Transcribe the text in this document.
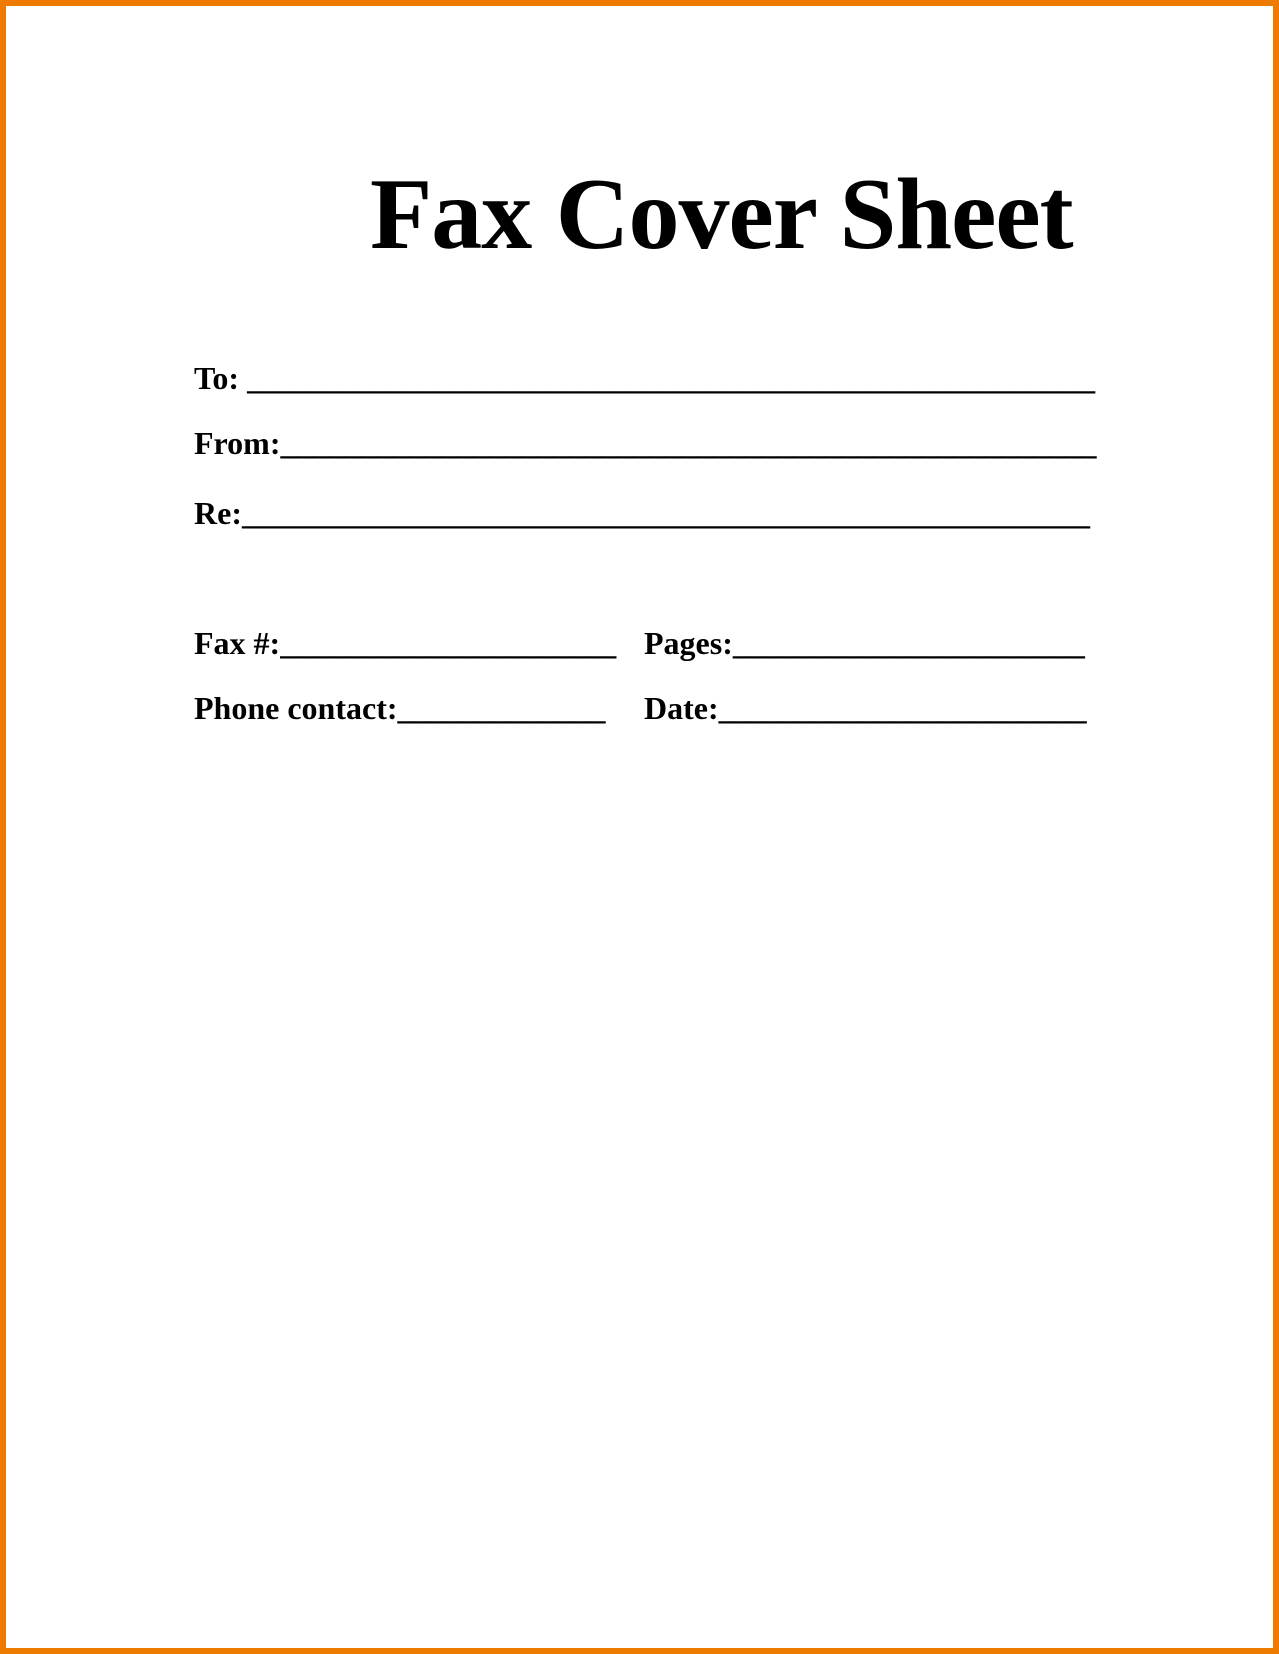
Fax Cover Sheet
To: _____________________________________________________
From:___________________________________________________
Re:_____________________________________________________
Fax #:_____________________ Pages:______________________
Phone contact:_____________ Date:_______________________
